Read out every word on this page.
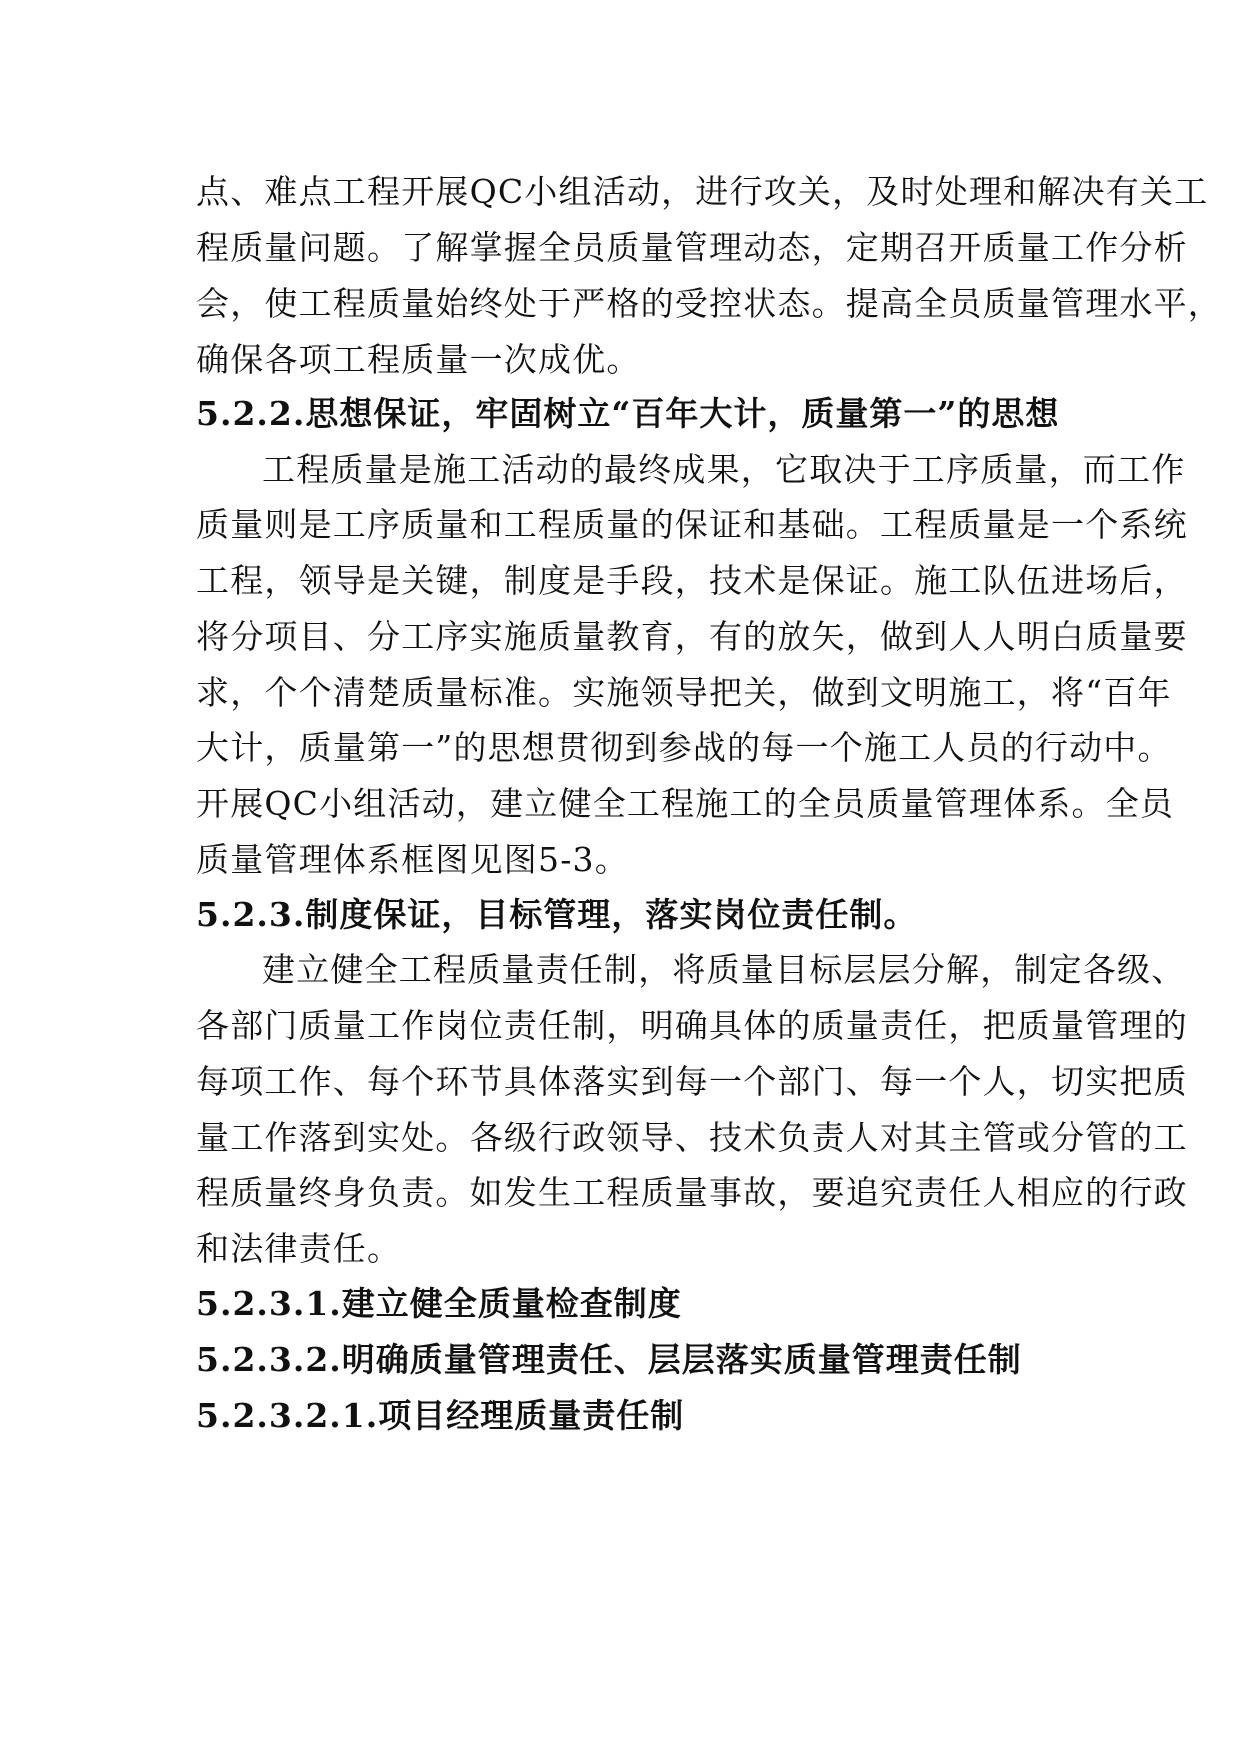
点、难点工程开展QC小组活动，进行攻关，及时处理和解决有关工
程质量问题。了解掌握全员质量管理动态，定期召开质量工作分析
会，使工程质量始终处于严格的受控状态。提高全员质量管理水平，
确保各项工程质量一次成优。
5.2.2.思想保证，牢固树立“百年大计，质量第一”的思想
工程质量是施工活动的最终成果，它取决于工序质量，而工作
质量则是工序质量和工程质量的保证和基础。工程质量是一个系统
工程，领导是关键，制度是手段，技术是保证。施工队伍进场后，
将分项目、分工序实施质量教育，有的放矢，做到人人明白质量要
求，个个清楚质量标准。实施领导把关，做到文明施工，将“百年
大计，质量第一”的思想贯彻到参战的每一个施工人员的行动中。
开展QC小组活动，建立健全工程施工的全员质量管理体系。全员
质量管理体系框图见图5-3。
5.2.3.制度保证，目标管理，落实岗位责任制。
建立健全工程质量责任制，将质量目标层层分解，制定各级、
各部门质量工作岗位责任制，明确具体的质量责任，把质量管理的
每项工作、每个环节具体落实到每一个部门、每一个人，切实把质
量工作落到实处。各级行政领导、技术负责人对其主管或分管的工
程质量终身负责。如发生工程质量事故，要追究责任人相应的行政
和法律责任。
5.2.3.1.建立健全质量检查制度
5.2.3.2.明确质量管理责任、层层落实质量管理责任制
5.2.3.2.1.项目经理质量责任制
